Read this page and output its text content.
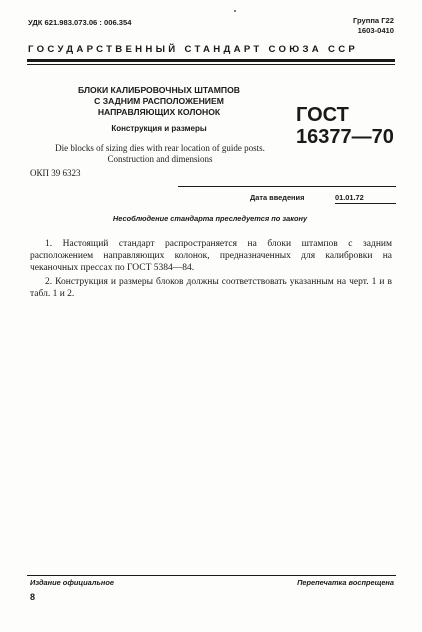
УДК 621.983.073.06 : 006.354	Группа Г22
1603-0410
ГОСУДАРСТВЕННЫЙ СТАНДАРТ СОЮЗА ССР
БЛОКИ КАЛИБРОВОЧНЫХ ШТАМПОВ
С ЗАДНИМ РАСПОЛОЖЕНИЕМ
НАПРАВЛЯЮЩИХ КОЛОНОК
Конструкция и размеры
ГОСТ
16377—70
Die blocks of sizing dies with rear location of guide posts.
Construction and dimensions
ОКП 39 6323
Дата введения	01.01.72
Несоблюдение стандарта преследуется по закону
1. Настоящий стандарт распространяется на блоки штампов с задним расположением направляющих колонок, предназначенных для калибровки на чеканочных прессах по ГОСТ 5384—84.
2. Конструкция и размеры блоков должны соответствовать указанным на черт. 1 и в табл. 1 и 2.
Издание официальное	Перепечатка воспрещена
8
